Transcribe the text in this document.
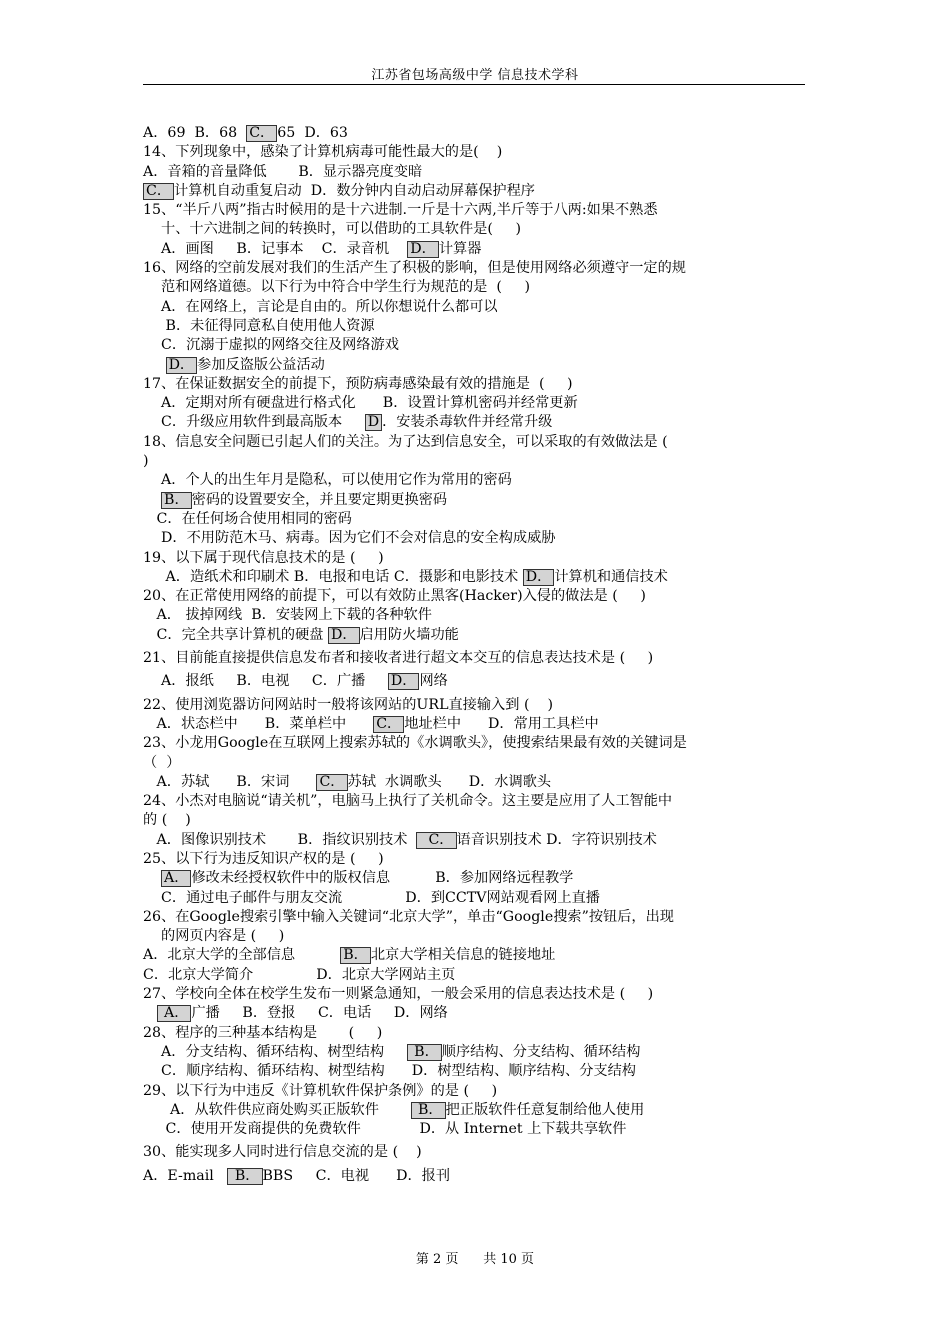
江苏省包场高级中学 信息技术学科
A．69  B．68  C． 65  D．63
14、下列现象中，感染了计算机病毒可能性最大的是(    )
A．音箱的音量降低       B．显示器亮度变暗
C． 计算机自动重复启动  D．数分钟内自动启动屏幕保护程序
15、“半斤八两”指古时候用的是十六进制.一斤是十六两,半斤等于八两:如果不熟悉
十、十六进制之间的转换时，可以借助的工具软件是(     )
A．画图     B．记事本    C．录音机    D． 计算器
16、网络的空前发展对我们的生活产生了积极的影响，但是使用网络必须遵守一定的规
范和网络道德。以下行为中符合中学生行为规范的是  (     )
A．在网络上，言论是自由的。所以你想说什么都可以
B．未征得同意私自使用他人资源
C．沉溺于虚拟的网络交往及网络游戏
D． 参加反盗版公益活动
17、在保证数据安全的前提下，预防病毒感染最有效的措施是  (     )
A．定期对所有硬盘进行格式化      B．设置计算机密码并经常更新
C．升级应用软件到最高版本     D ．安装杀毒软件并经常升级
18、信息安全问题已引起人们的关注。为了达到信息安全，可以采取的有效做法是 (
)
A．个人的出生年月是隐私，可以使用它作为常用的密码
B． 密码的设置要安全，并且要定期更换密码
C．在任何场合使用相同的密码
D．不用防范木马、病毒。因为它们不会对信息的安全构成威胁
19、以下属于现代信息技术的是 (     )
A．造纸术和印刷术 B．电报和电话 C．摄影和电影技术 D． 计算机和通信技术
20、在正常使用网络的前提下，可以有效防止黑客(Hacker)入侵的做法是 (     )
A． 拔掉网线  B．安装网上下载的各种软件
C．完全共享计算机的硬盘 D． 启用防火墙功能
21、目前能直接提供信息发布者和接收者进行超文本交互的信息表达技术是 (     )
A．报纸     B．电视     C．广播     D． 网络
22、使用浏览器访问网站时一般将该网站的URL直接输入到 (    )
A．状态栏中      B．菜单栏中      C． 地址栏中      D．常用工具栏中
23、小龙用Google在互联网上搜索苏轼的《水调歌头》，使搜索结果最有效的关键词是
（  ）
A．苏轼      B．宋词      C． 苏轼  水调歌头      D．水调歌头
24、小杰对电脑说“请关机”，电脑马上执行了关机命令。这主要是应用了人工智能中
的 (    )
A．图像识别技术       B．指纹识别技术    C． 语音识别技术 D．字符识别技术
25、以下行为违反知识产权的是 (     )
A． 修改未经授权软件中的版权信息          B．参加网络远程教学
C．通过电子邮件与朋友交流              D．到CCTV网站观看网上直播
26、在Google搜索引擎中输入关键词“北京大学”，单击“Google搜索”按钮后，出现
的网页内容是 (     )
A．北京大学的全部信息          B． 北京大学相关信息的链接地址
C．北京大学简介              D．北京大学网站主页
27、学校向全体在校学生发布一则紧急通知，一般会采用的信息表达技术是 (     )
A． 广播     B．登报     C．电话     D．网络
28、程序的三种基本结构是       (     )
A．分支结构、循环结构、树型结构      B． 顺序结构、分支结构、循环结构
C．顺序结构、循环结构、树型结构      D．树型结构、顺序结构、分支结构
29、以下行为中违反《计算机软件保护条例》的是 (     )
A．从软件供应商处购买正版软件        B． 把正版软件任意复制给他人使用
C．使用开发商提供的免费软件             D．从 Internet 上下载共享软件
30、能实现多人同时进行信息交流的是 (    )
A．E-mail    B． BBS     C．电视      D．报刊
第 2 页      共 10 页
